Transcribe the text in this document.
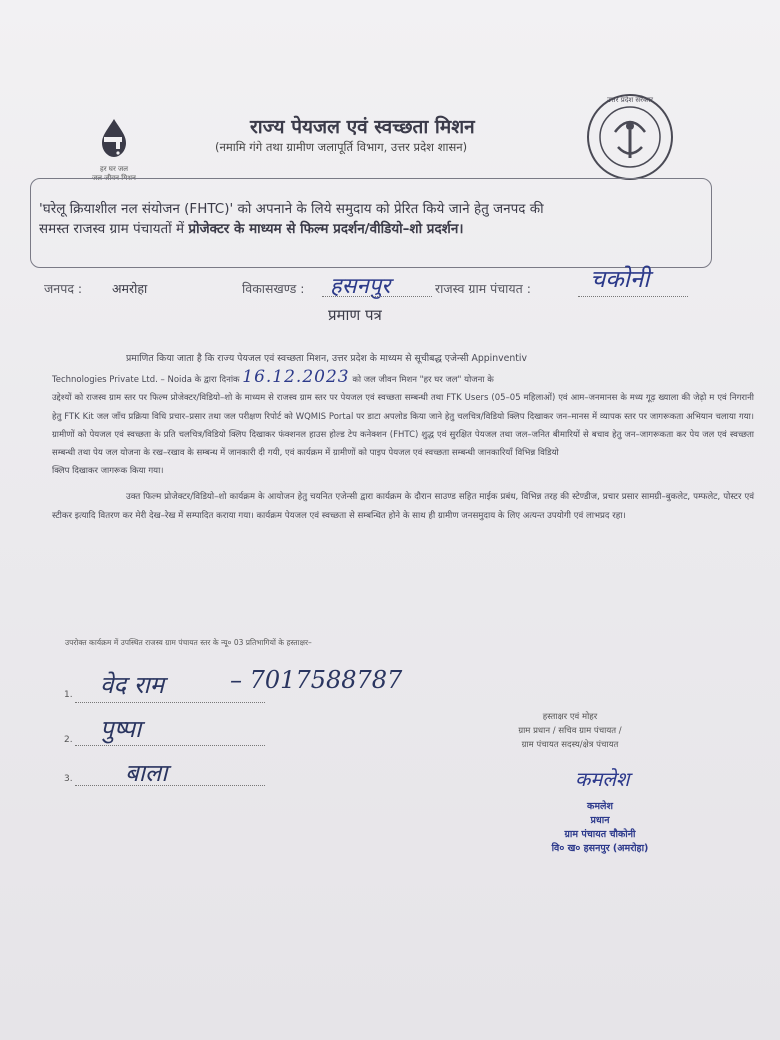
हर घर जल
जल जीवन मिशन
उत्तर प्रदेश सरकार
राज्य पेयजल एवं स्वच्छता मिशन
(नमामि गंगे तथा ग्रामीण जलापूर्ति विभाग, उत्तर प्रदेश शासन)
'घरेलू क्रियाशील नल संयोजन (FHTC)' को अपनाने के लिये समुदाय को प्रेरित किये जाने हेतु जनपद की
समस्त राजस्व ग्राम पंचायतों में प्रोजेक्टर के माध्यम से फिल्म प्रदर्शन/वीडियो–शो प्रदर्शन।
जनपद : अमरोहा	विकासखण्ड : हसनपुर	राजस्व ग्राम पंचायत : चकोनी
प्रमाण पत्र

प्रमाणित किया जाता है कि राज्य पेयजल एवं स्वच्छता मिशन, उत्तर प्रदेश के माध्यम से सूचीबद्ध एजेन्सी Appinventiv

Technologies Private Ltd. – Noida के द्वारा दिनांक 16.12.2023 को जल जीवन मिशन "हर घर जल" योजना के

उद्देश्यों को राजस्व ग्राम स्तर पर फिल्म प्रोजेक्टर/विडियो–शो के माध्यम से राजस्व ग्राम स्तर पर पेयजल एवं स्वच्छता सम्बन्धी तथा FTK Users (05–05 महिलाओं) एवं आम–जनमानस के मध्य गूढ़ ख्याला की जेढ़ो म एवं निगरानी हेतु FTK Kit जल जाँच प्रक्रिया विधि प्रचार–प्रसार तथा जल परीक्षण रिपोर्ट को WQMIS Portal पर डाटा अपलोड किया जाने हेतु चलचित्र/विडियो क्लिप दिखाकर जन–मानस में व्यापक स्तर पर जागरूकता अभियान चलाया गया। ग्रामीणों को पेयजल एवं स्वच्छता के प्रति चलचित्र/विडियो क्लिप दिखाकर फंक्शनल हाउस होल्ड टेप कनेक्शन (FHTC) शुद्ध एवं सुरक्षित पेयजल तथा जल–जनित बीमारियों से बचाव हेतु जन–जागरूकता कर पेय जल एवं स्वच्छता सम्बन्धी तथा पेय जल योजना के रख–रखाव के सम्बन्ध में जानकारी दी गयी, एवं कार्यक्रम में ग्रामीणों को पाइप पेयजल एवं स्वच्छता सम्बन्धी जानकारियाँ विभिन्न विडियो

क्लिप दिखाकर जागरूक किया गया।

उक्त फिल्म प्रोजेक्टर/विडियो–शो कार्यक्रम के आयोजन हेतु चयनित एजेन्सी द्वारा कार्यक्रम के दौरान साउण्ड सहित माईक प्रबंध, विभिन्न तरह की स्टेण्डीज, प्रचार प्रसार सामग्री–बुकलेट, पम्फलेट, पोस्टर एवं स्टीकर इत्यादि वितरण कर मेरी देख–रेख में सम्पादित कराया गया। कार्यक्रम पेयजल एवं स्वच्छता से सम्बन्धित होने के साथ ही ग्रामीण जनसमुदाय के लिए अत्यन्त उपयोगी एवं लाभप्रद रहा।

उपरोक्त कार्यक्रम में उपस्थित राजस्व ग्राम पंचायत स्तर के न्यू० 03 प्रतिभागियों के हस्ताक्षर–
1. वेद राम	– 7017588787
2. पुष्पा
3. बाला
हस्ताक्षर एवं मोहर
ग्राम प्रधान / सचिव ग्राम पंचायत /
ग्राम पंचायत सदस्य/क्षेत्र पंचायत
कमलेश
कमलेश
प्रधान
ग्राम पंचायत चौकोनी
वि० ख० हसनपुर (अमरोहा)
